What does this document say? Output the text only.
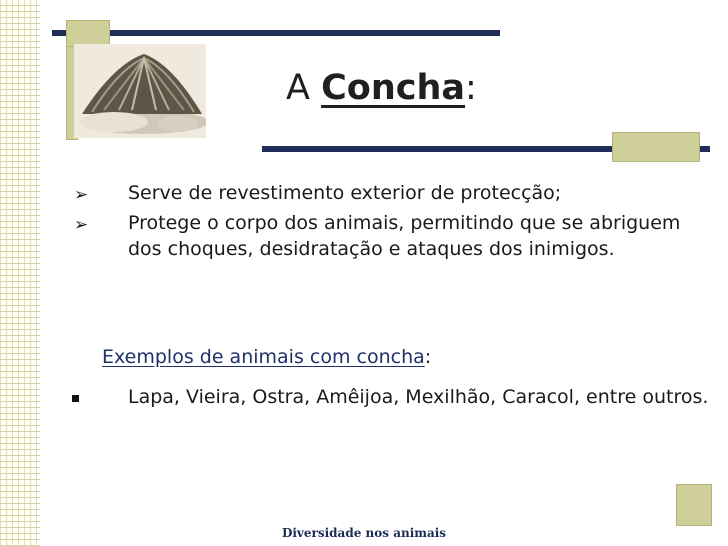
A Concha:
➢ Serve de revestimento exterior de protecção;
➢ Protege o corpo dos animais, permitindo que se abriguem dos choques, desidratação e ataques dos inimigos.
Exemplos de animais com concha:
Lapa, Vieira, Ostra, Amêijoa, Mexilhão, Caracol, entre outros.
Diversidade nos animais
